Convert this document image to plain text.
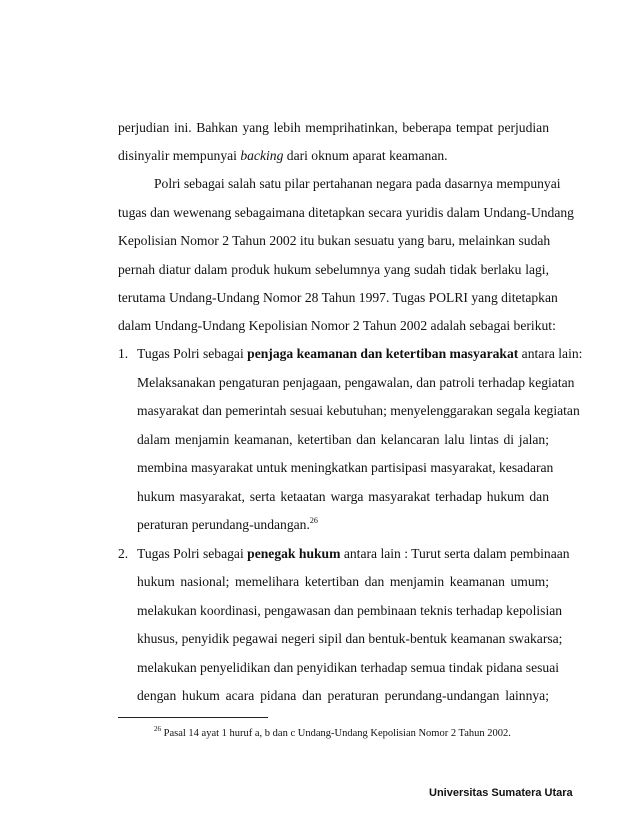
perjudian ini. Bahkan yang lebih memprihatinkan, beberapa tempat perjudian
disinyalir mempunyai backing dari oknum aparat keamanan.
Polri sebagai salah satu pilar pertahanan negara pada dasarnya mempunyai
tugas dan wewenang sebagaimana ditetapkan secara yuridis dalam Undang-Undang
Kepolisian Nomor 2 Tahun 2002 itu bukan sesuatu yang baru, melainkan sudah
pernah diatur dalam produk hukum sebelumnya yang sudah tidak berlaku lagi,
terutama Undang-Undang Nomor 28 Tahun 1997. Tugas POLRI yang ditetapkan
dalam Undang-Undang Kepolisian Nomor 2 Tahun 2002 adalah sebagai berikut:
1. Tugas Polri sebagai penjaga keamanan dan ketertiban masyarakat antara lain:
Melaksanakan pengaturan penjagaan, pengawalan, dan patroli terhadap kegiatan
masyarakat dan pemerintah sesuai kebutuhan; menyelenggarakan segala kegiatan
dalam menjamin keamanan, ketertiban dan kelancaran lalu lintas di jalan;
membina masyarakat untuk meningkatkan partisipasi masyarakat, kesadaran
hukum masyarakat, serta ketaatan warga masyarakat terhadap hukum dan
peraturan perundang-undangan.$^{26}$
2. Tugas Polri sebagai penegak hukum antara lain : Turut serta dalam pembinaan
hukum nasional; memelihara ketertiban dan menjamin keamanan umum;
melakukan koordinasi, pengawasan dan pembinaan teknis terhadap kepolisian
khusus, penyidik pegawai negeri sipil dan bentuk-bentuk keamanan swakarsa;
melakukan penyelidikan dan penyidikan terhadap semua tindak pidana sesuai
dengan hukum acara pidana dan peraturan perundang-undangan lainnya;
$^{26}$ Pasal 14 ayat 1 huruf a, b dan c Undang-Undang Kepolisian Nomor 2 Tahun 2002.
Universitas Sumatera Utara
